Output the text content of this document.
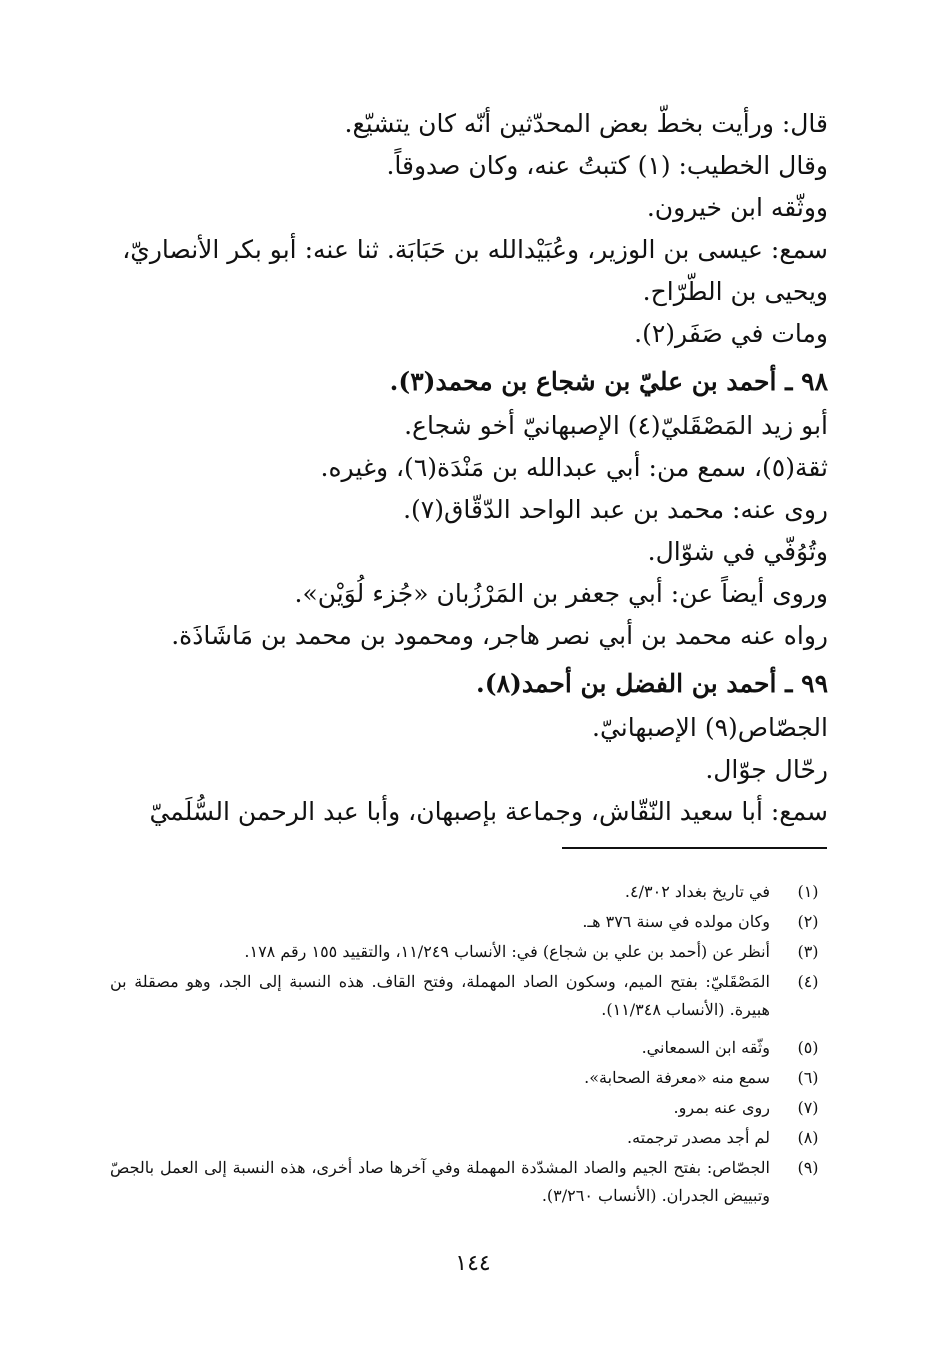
قال: ورأيت بخطّ بعض المحدّثين أنّه كان يتشيّع.
وقال الخطيب: (١) كتبتُ عنه، وكان صدوقاً.
ووثّقه ابن خيرون.
سمع: عيسى بن الوزير، وعُبَيْدالله بن حَبَابَة. ثنا عنه: أبو بكر الأنصاريّ،
ويحيى بن الطّرّاح.
ومات في صَفَر(٢).
٩٨ ـ أحمد بن عليّ بن شجاع بن محمد(٣).
أبو زيد المَصْقَليّ(٤) الإصبهانيّ أخو شجاع.
ثقة(٥)، سمع من: أبي عبدالله بن مَنْدَة(٦)، وغيره.
روى عنه: محمد بن عبد الواحد الدّقّاق(٧).
وتُوُفّي في شوّال.
وروى أيضاً عن: أبي جعفر بن المَرْزُبان «جُزء لُوَيْن».
رواه عنه محمد بن أبي نصر هاجر، ومحمود بن محمد بن مَاشَاذَة.
٩٩ ـ أحمد بن الفضل بن أحمد(٨).
الجصّاص(٩) الإصبهانيّ.
رحّال جوّال.
سمع: أبا سعيد النّقّاش، وجماعة بإصبهان، وأبا عبد الرحمن السُّلَميّ
(١)
في تاريخ بغداد ٤/٣٠٢.
(٢)
وكان مولده في سنة ٣٧٦ هـ.
(٣)
أنظر عن (أحمد بن علي بن شجاع) في: الأنساب ١١/٢٤٩، والتقييد ١٥٥ رقم ١٧٨.
(٤)
المَصْقَليّ: بفتح الميم، وسكون الصاد المهملة، وفتح القاف. هذه النسبة إلى الجد، وهو مصقلة بن هبيرة. (الأنساب ١١/٣٤٨).
(٥)
وثّقه ابن السمعاني.
(٦)
سمع منه «معرفة الصحابة».
(٧)
روى عنه بمرو.
(٨)
لم أجد مصدر ترجمته.
(٩)
الجصّاص: بفتح الجيم والصاد المشدّدة المهملة وفي آخرها صاد أخرى، هذه النسبة إلى العمل بالجصّ وتبييض الجدران. (الأنساب ٣/٢٦٠).
١٤٤
